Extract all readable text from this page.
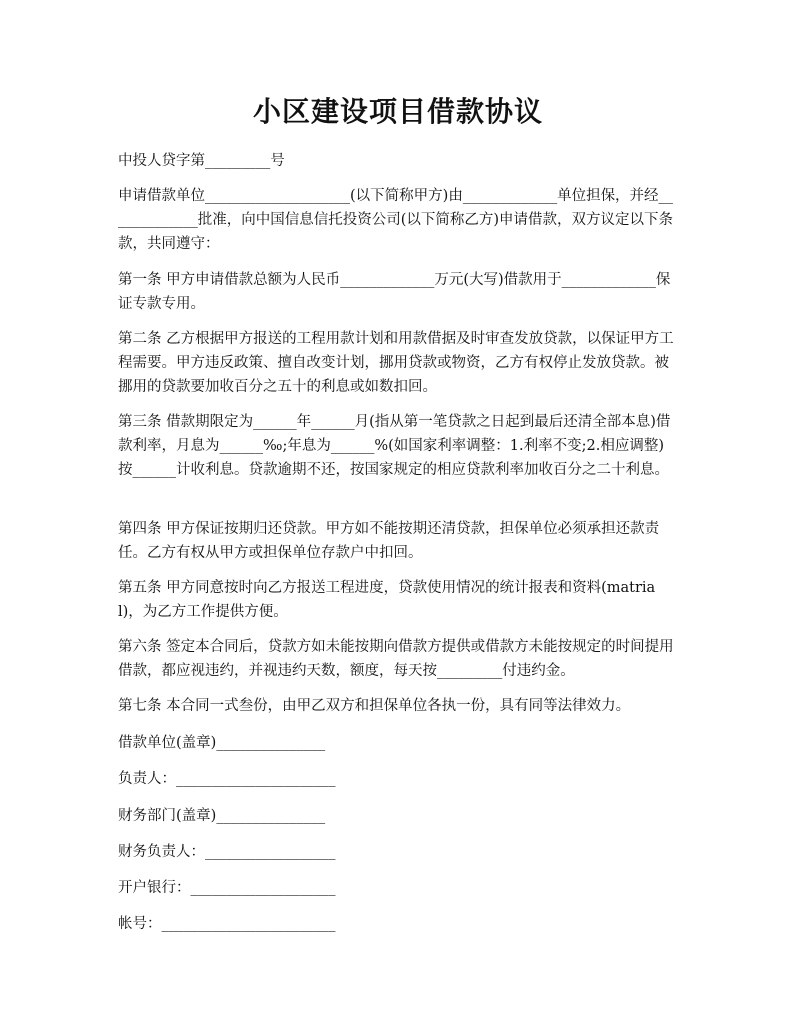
小区建设项目借款协议

中投人贷字第_________号

申请借款单位____________________(以下简称甲方)由_____________单位担保，并经_____________批准，向中国信息信托投资公司(以下简称乙方)申请借款，双方议定以下条款，共同遵守：

第一条 甲方申请借款总额为人民币_____________万元(大写)借款用于_____________保证专款专用。

第二条 乙方根据甲方报送的工程用款计划和用款借据及时审查发放贷款，以保证甲方工程需要。甲方违反政策、擅自改变计划，挪用贷款或物资，乙方有权停止发放贷款。被挪用的贷款要加收百分之五十的利息或如数扣回。

第三条 借款期限定为______年______月(指从第一笔贷款之日起到最后还清全部本息)借款利率，月息为______‰;年息为______%(如国家利率调整：1.利率不变;2.相应调整)按______计收利息。贷款逾期不还，按国家规定的相应贷款利率加收百分之二十利息。

第四条 甲方保证按期归还贷款。甲方如不能按期还清贷款，担保单位必须承担还款责任。乙方有权从甲方或担保单位存款户中扣回。

第五条 甲方同意按时向乙方报送工程进度，贷款使用情况的统计报表和资料(matrial)，为乙方工作提供方便。

第六条 签定本合同后，贷款方如未能按期向借款方提供或借款方未能按规定的时间提用借款，都应视违约，并视违约天数，额度，每天按_________付违约金。

第七条 本合同一式叁份，由甲乙双方和担保单位各执一份，具有同等法律效力。

借款单位(盖章)_______________

负责人：______________________

财务部门(盖章)_______________

财务负责人：__________________

开户银行：____________________

帐号：________________________
